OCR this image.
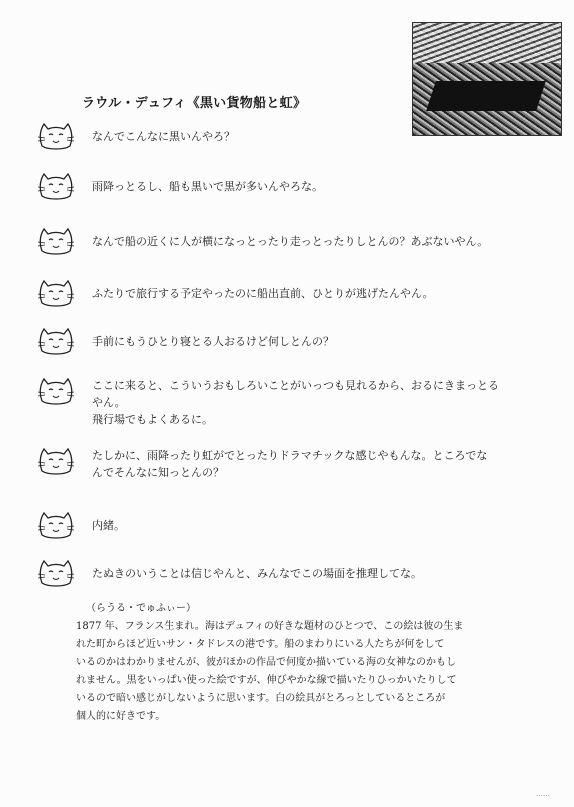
ラウル・デュフィ《黒い貨物船と虹》
なんでこんなに黒いんやろ？
雨降っとるし、船も黒いで黒が多いんやろな。
なんで船の近くに人が横になっとったり走っとったりしとんの？あぶないやん。
ふたりで旅行する予定やったのに船出直前、ひとりが逃げたんやん。
手前にもうひとり寝とる人おるけど何しとんの？
ここに来ると、こういうおもしろいことがいっつも見れるから、おるにきまっとる
やん。
飛行場でもよくあるに。
たしかに、雨降ったり虹がでとったりドラマチックな感じやもんな。ところでな
んでそんなに知っとんの？
内緒。
たぬきのいうことは信じやんと、みんなでこの場面を推理してな。
（らうる・でゅふぃー）
1877 年、フランス生まれ。海はデュフィの好きな題材のひとつで、この絵は彼の生ま
れた町からほど近いサン・タドレスの港です。船のまわりにいる人たちが何をして
いるのかはわかりませんが、彼がほかの作品で何度か描いている海の女神なのかもし
れません。黒をいっぱい使った絵ですが、伸びやかな線で描いたりひっかいたりして
いるので暗い感じがしないように思います。白の絵具がとろっとしているところが
個人的に好きです。
……
